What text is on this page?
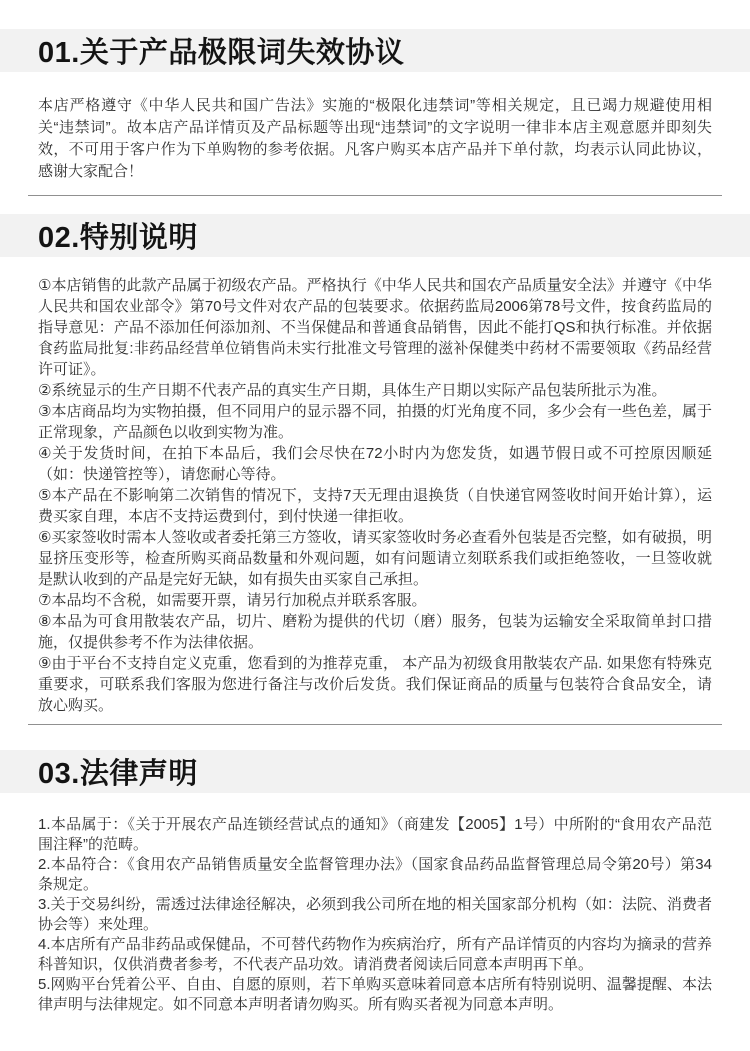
01.关于产品极限词失效协议

本店严格遵守《中华人民共和国广告法》实施的“极限化违禁词”等相关规定，且已竭力规避使用相关“违禁词”。故本店产品详情页及产品标题等出现“违禁词”的文字说明一律非本店主观意愿并即刻失效，不可用于客户作为下单购物的参考依据。凡客户购买本店产品并下单付款，均表示认同此协议，感谢大家配合！

02.特别说明

①本店销售的此款产品属于初级农产品。严格执行《中华人民共和国农产品质量安全法》并遵守《中华人民共和国农业部令》第70号文件对农产品的包装要求。依据药监局2006第78号文件，按食药监局的指导意见：产品不添加任何添加剂、不当保健品和普通食品销售，因此不能打QS和执行标准。并依据食药监局批复:非药品经营单位销售尚未实行批准文号管理的滋补保健类中药材不需要领取《药品经营许可证》。

②系统显示的生产日期不代表产品的真实生产日期，具体生产日期以实际产品包装所批示为准。

③本店商品均为实物拍摄，但不同用户的显示器不同，拍摄的灯光角度不同，多少会有一些色差，属于正常现象，产品颜色以收到实物为准。

④关于发货时间，在拍下本品后，我们会尽快在72小时内为您发货，如遇节假日或不可控原因顺延（如：快递管控等），请您耐心等待。

⑤本产品在不影响第二次销售的情况下，支持7天无理由退换货（自快递官网签收时间开始计算），运费买家自理，本店不支持运费到付，到付快递一律拒收。

⑥买家签收时需本人签收或者委托第三方签收，请买家签收时务必查看外包装是否完整，如有破损，明显挤压变形等，检查所购买商品数量和外观问题，如有问题请立刻联系我们或拒绝签收，一旦签收就是默认收到的产品是完好无缺，如有损失由买家自己承担。

⑦本品均不含税，如需要开票，请另行加税点并联系客服。

⑧本品为可食用散装农产品，切片、磨粉为提供的代切（磨）服务，包装为运输安全采取简单封口措施，仅提供参考不作为法律依据。

⑨由于平台不支持自定义克重，您看到的为推荐克重， 本产品为初级食用散装农产品. 如果您有特殊克重要求，可联系我们客服为您进行备注与改价后发货。我们保证商品的质量与包装符合食品安全，请放心购买。

03.法律声明

1.本品属于：《关于开展农产品连锁经营试点的通知》（商建发【2005】1号）中所附的“食用农产品范围注释”的范畴。

2.本品符合：《食用农产品销售质量安全监督管理办法》（国家食品药品监督管理总局令第20号）第34条规定。

3.关于交易纠纷，需透过法律途径解决，必须到我公司所在地的相关国家部分机构（如：法院、消费者协会等）来处理。

4.本店所有产品非药品或保健品，不可替代药物作为疾病治疗，所有产品详情页的内容均为摘录的营养科普知识，仅供消费者参考，不代表产品功效。请消费者阅读后同意本声明再下单。

5.网购平台凭着公平、自由、自愿的原则，若下单购买意味着同意本店所有特别说明、温馨提醒、本法律声明与法律规定。如不同意本声明者请勿购买。所有购买者视为同意本声明。
